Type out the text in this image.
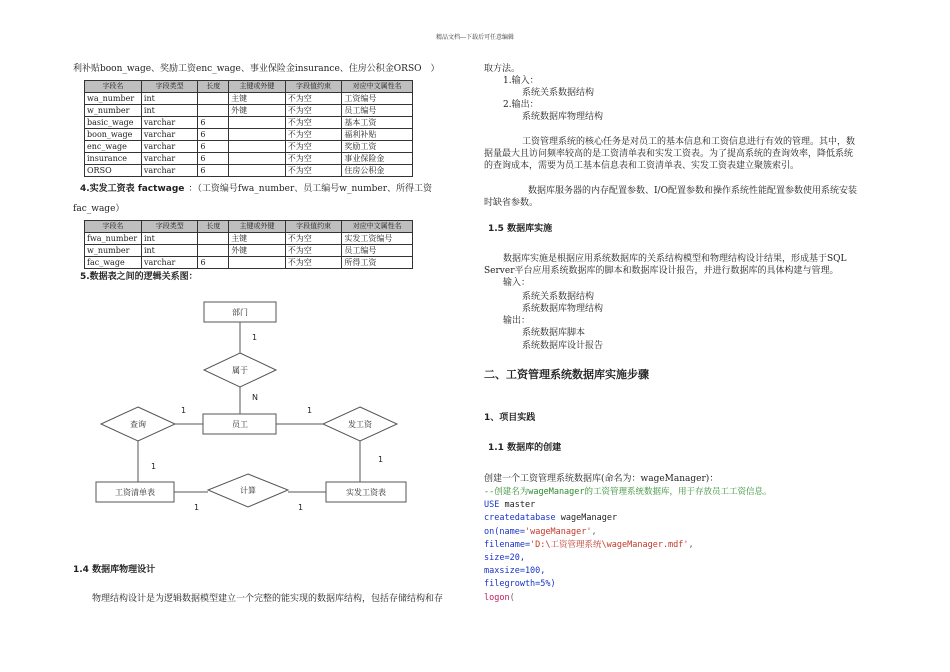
精品文档---下载后可任意编辑
利补贴boon_wage、奖励工资enc_wage、事业保险金insurance、住房公积金ORSO　）
字段名	字段类型	长度	主键或外键	字段值约束	对应中文属性名
wa_number	int		主键	不为空	工资编号
w_number	int		外键	不为空	员工编号
basic_wage	varchar	6		不为空	基本工资
boon_wage	varchar	6		不为空	福利补贴
enc_wage	varchar	6		不为空	奖励工资
insurance	varchar	6		不为空	事业保险金
ORSO	varchar	6		不为空	住房公积金
4.实发工资表 factwage ：（工资编号fwa_number、员工编号w_number、所得工资
fac_wage）
字段名	字段类型	长度	主键或外键	字段值约束	对应中文属性名
fwa_number	int		主键	不为空	实发工资编号
w_number	int		外键	不为空	员工编号
fac_wage	varchar	6		不为空	所得工资
5.数据表之间的逻辑关系图：
部门
1
属于
N
员工
查询
1
1
发工资
1
1
工资清单表	计算
1	1
实发工资表
1.4 数据库物理设计
物理结构设计是为逻辑数据模型建立一个完整的能实现的数据库结构，包括存储结构和存
取方法。
1.输入：
系统关系数据结构
2.输出：
系统数据库物理结构
工资管理系统的核心任务是对员工的基本信息和工资信息进行有效的管理。其中，数
据量最大且访问频率较高的是工资清单表和实发工资表。为了提高系统的查询效率，降低系统
的查询成本，需要为员工基本信息表和工资清单表、实发工资表建立聚簇索引。
数据库服务器的内存配置参数、I/O配置参数和操作系统性能配置参数使用系统安装
时缺省参数。
1.5 数据库实施
数据库实施是根据应用系统数据库的关系结构模型和物理结构设计结果，形成基于SQL
Server平台应用系统数据库的脚本和数据库设计报告，并进行数据库的具体构建与管理。
输入：
系统关系数据结构
系统数据库物理结构
输出：
系统数据库脚本
系统数据库设计报告
二、工资管理系统数据库实施步骤
1、项目实践
1.1 数据库的创建
创建一个工资管理系统数据库(命名为：wageManager)：
--创建名为wageManager的工资管理系统数据库，用于存放员工工资信息。
USE master
createdatabase wageManager
on(name='wageManager',
filename='D:\工资管理系统\wageManager.mdf',
size=20,
maxsize=100,
filegrowth=5%)
logon(
